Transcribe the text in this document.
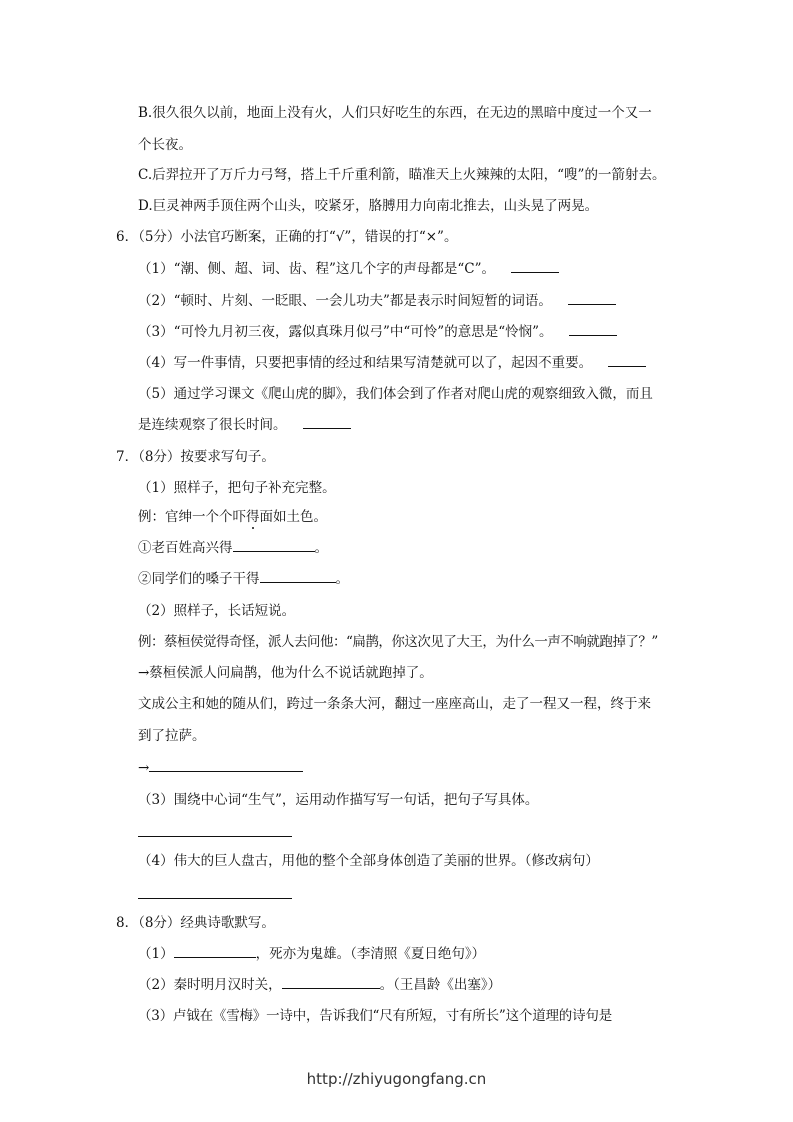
B.很久很久以前，地面上没有火，人们只好吃生的东西，在无边的黑暗中度过一个又一
个长夜。
C.后羿拉开了万斤力弓弩，搭上千斤重利箭，瞄准天上火辣辣的太阳，“嗖”的一箭射去。
D.巨灵神两手顶住两个山头，咬紧牙，胳膊用力向南北推去，山头晃了两晃。
6．（5分）小法官巧断案，正确的打“√”，错误的打“×”。
（1）“潮、侧、超、词、齿、程”这几个字的声母都是“C”。
（2）“顿时、片刻、一眨眼、一会儿功夫”都是表示时间短暂的词语。
（3）“可怜九月初三夜，露似真珠月似弓”中“可怜”的意思是“怜悯”。
（4）写一件事情，只要把事情的经过和结果写清楚就可以了，起因不重要。
（5）通过学习课文《爬山虎的脚》，我们体会到了作者对爬山虎的观察细致入微，而且
是连续观察了很长时间。
7．（8分）按要求写句子。
（1）照样子，把句子补充完整。
例：官绅一个个吓得面如土色。
①老百姓高兴得	。
②同学们的嗓子干得	。
（2）照样子，长话短说。
例：蔡桓侯觉得奇怪，派人去问他：“扁鹊，你这次见了大王，为什么一声不响就跑掉了？”
→蔡桓侯派人问扁鹊，他为什么不说话就跑掉了。
文成公主和她的随从们，跨过一条条大河，翻过一座座高山，走了一程又一程，终于来
到了拉萨。
→
（3）围绕中心词“生气”，运用动作描写写一句话，把句子写具体。
（4）伟大的巨人盘古，用他的整个全部身体创造了美丽的世界。（修改病句）
8．（8分）经典诗歌默写。
（1）	，死亦为鬼雄。（李清照《夏日绝句》）
（2）秦时明月汉时关，	。（王昌龄《出塞》）
（3）卢钺在《雪梅》一诗中，告诉我们“尺有所短，寸有所长”这个道理的诗句是
http://zhiyugongfang.cn
